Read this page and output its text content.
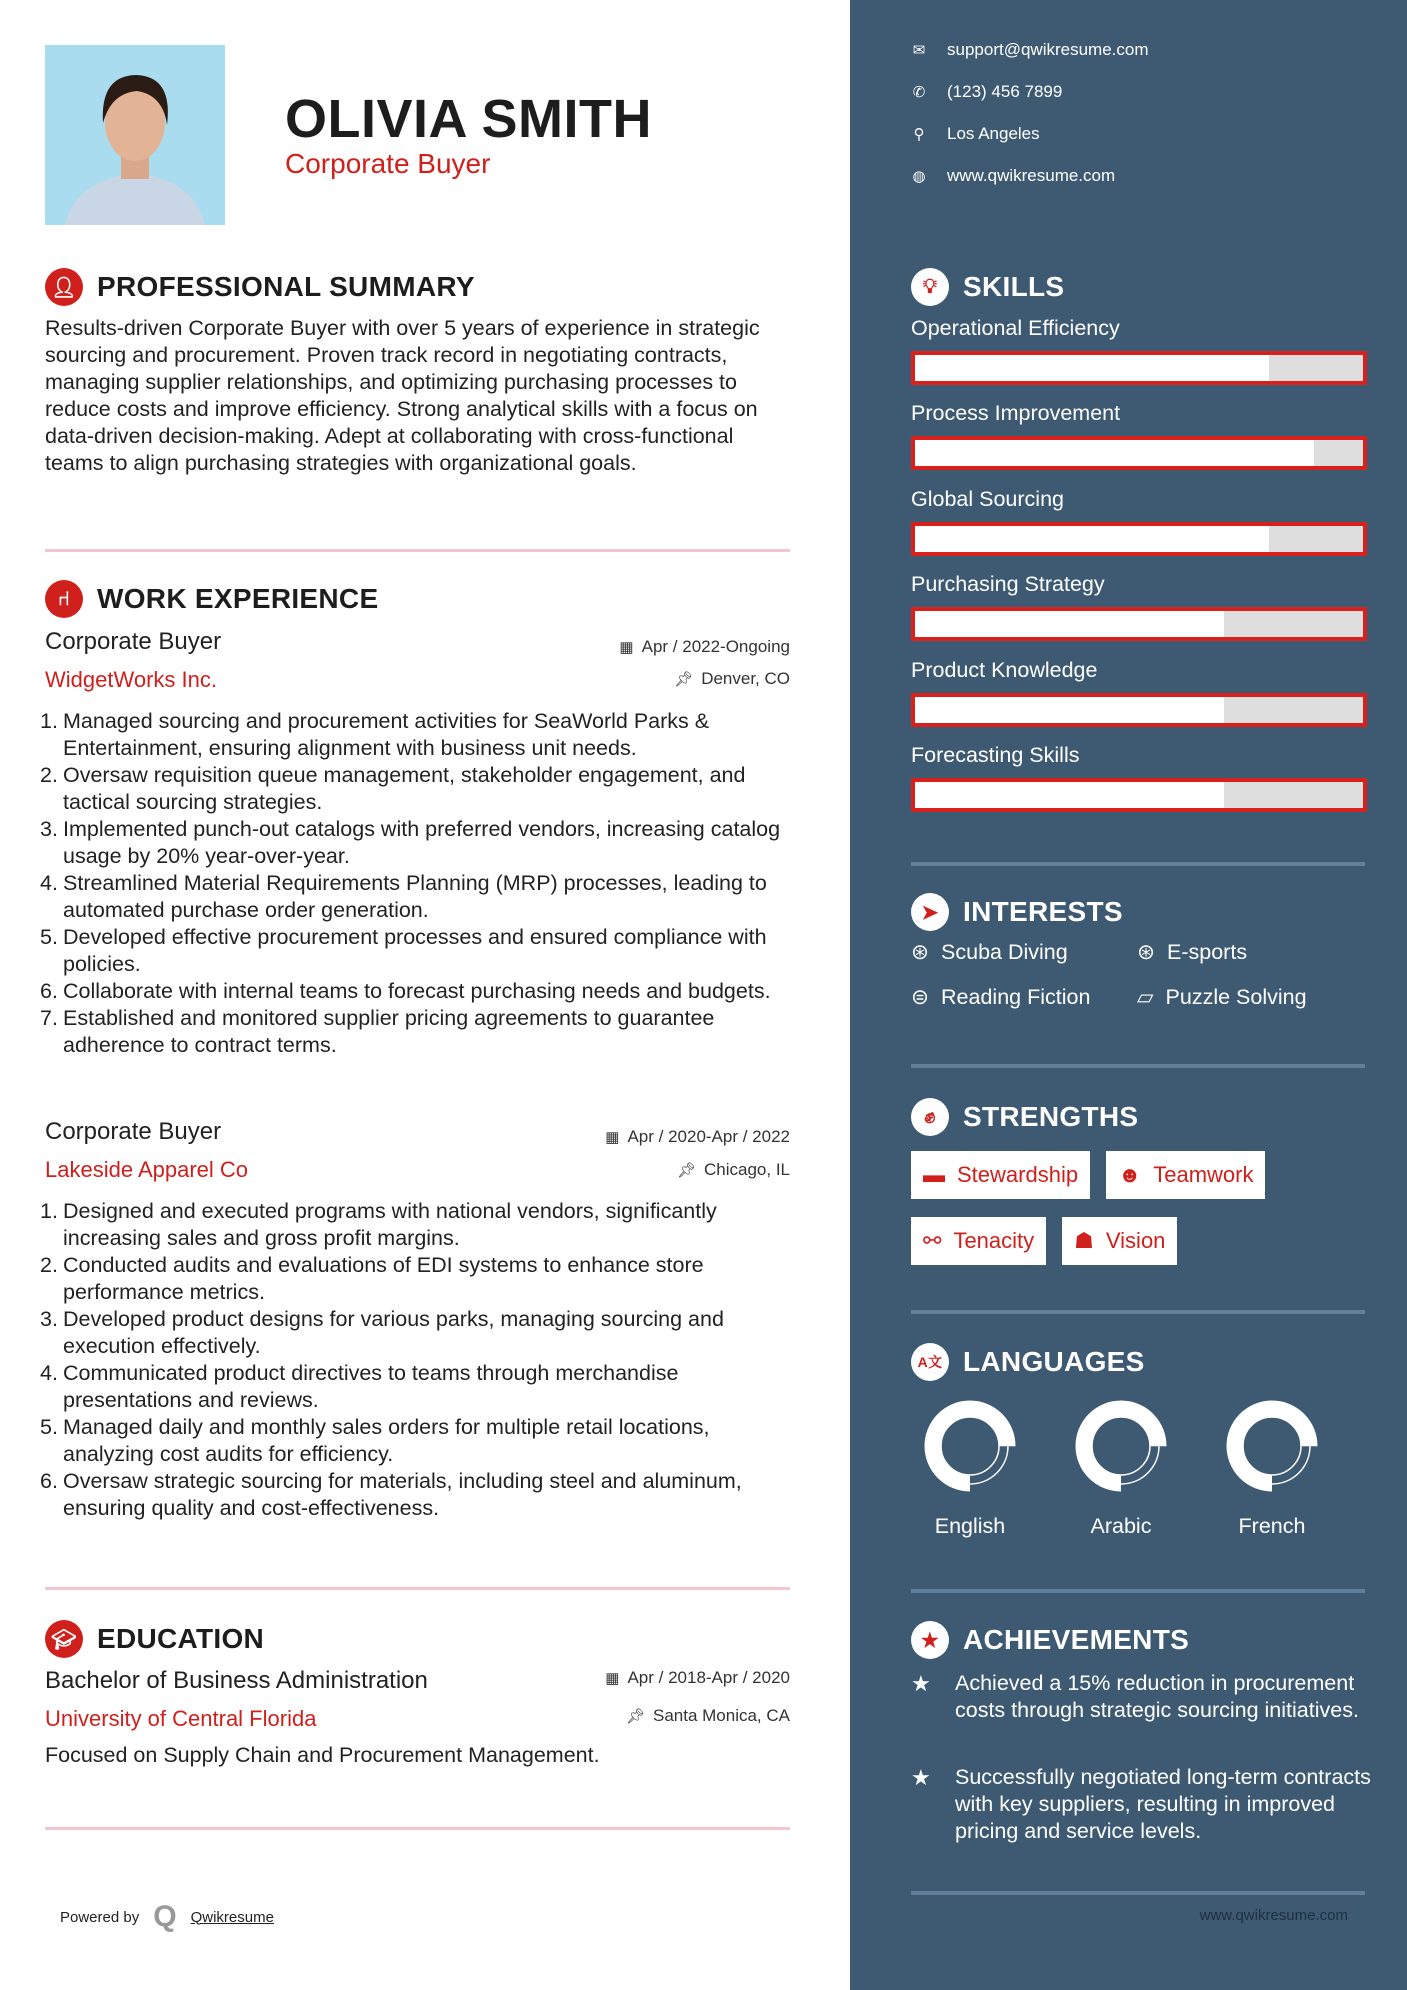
OLIVIA SMITH
Corporate Buyer
👤︎ PROFESSIONAL SUMMARY
Results-driven Corporate Buyer with over 5 years of experience in strategic sourcing and procurement. Proven track record in negotiating contracts, managing supplier relationships, and optimizing purchasing processes to reduce costs and improve efficiency. Strong analytical skills with a focus on data-driven decision-making. Adept at collaborating with cross-functional teams to align purchasing strategies with organizational goals.
⑁ WORK EXPERIENCE
Corporate Buyer
WidgetWorks Inc.
▦ Apr / 2022-Ongoing
📌︎ Denver, CO
1. Managed sourcing and procurement activities for SeaWorld Parks & Entertainment, ensuring alignment with business unit needs.
2. Oversaw requisition queue management, stakeholder engagement, and tactical sourcing strategies.
3. Implemented punch-out catalogs with preferred vendors, increasing catalog usage by 20% year-over-year.
4. Streamlined Material Requirements Planning (MRP) processes, leading to automated purchase order generation.
5. Developed effective procurement processes and ensured compliance with policies.
6. Collaborate with internal teams to forecast purchasing needs and budgets.
7. Established and monitored supplier pricing agreements to guarantee adherence to contract terms.
Corporate Buyer
Lakeside Apparel Co
▦ Apr / 2020-Apr / 2022
📌︎ Chicago, IL
1. Designed and executed programs with national vendors, significantly increasing sales and gross profit margins.
2. Conducted audits and evaluations of EDI systems to enhance store performance metrics.
3. Developed product designs for various parks, managing sourcing and execution effectively.
4. Communicated product directives to teams through merchandise presentations and reviews.
5. Managed daily and monthly sales orders for multiple retail locations, analyzing cost audits for efficiency.
6. Oversaw strategic sourcing for materials, including steel and aluminum, ensuring quality and cost-effectiveness.
🎓︎ EDUCATION
Bachelor of Business Administration
University of Central Florida
▦ Apr / 2018-Apr / 2020
📌︎ Santa Monica, CA
Focused on Supply Chain and Procurement Management.
Powered by Q Qwikresume
💡︎ SKILLS
Operational Efficiency
Process Improvement
Global Sourcing
Purchasing Strategy
Product Knowledge
Forecasting Skills
➤ INTERESTS
⊛ Scuba Diving	⊛ E-sports
⊜ Reading Fiction ▱ Puzzle Solving
✊︎ STRENGTHS
▬ Stewardship ☻ Teamwork
⚯ Tenacity ☗ Vision
A文 LANGUAGES
English	Arabic	French
★ ACHIEVEMENTS
★	Achieved a 15% reduction in procurement costs through strategic sourcing initiatives.
★	Successfully negotiated long-term contracts with key suppliers, resulting in improved pricing and service levels.
www.qwikresume.com
✉ support@qwikresume.com
✆ (123) 456 7899
⚲ Los Angeles
◍ www.qwikresume.com
